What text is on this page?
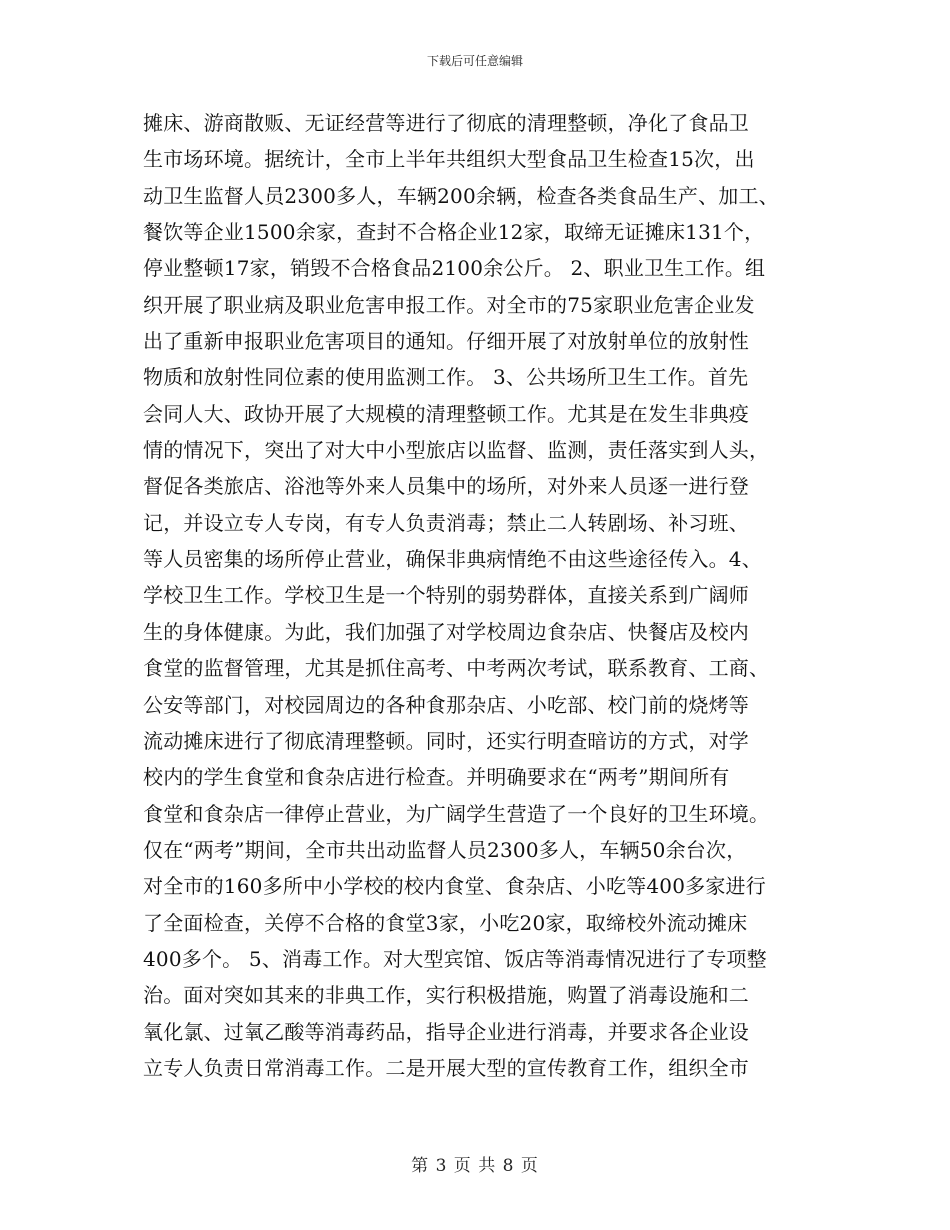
下载后可任意编辑
摊床、游商散贩、无证经营等进行了彻底的清理整顿，净化了食品卫
生市场环境。据统计，全市上半年共组织大型食品卫生检查15次，出
动卫生监督人员2300多人，车辆200余辆，检查各类食品生产、加工、
餐饮等企业1500余家，查封不合格企业12家，取缔无证摊床131个，
停业整顿17家，销毁不合格食品2100余公斤。 2、职业卫生工作。组
织开展了职业病及职业危害申报工作。对全市的75家职业危害企业发
出了重新申报职业危害项目的通知。仔细开展了对放射单位的放射性
物质和放射性同位素的使用监测工作。 3、公共场所卫生工作。首先
会同人大、政协开展了大规模的清理整顿工作。尤其是在发生非典疫
情的情况下，突出了对大中小型旅店以监督、监测，责任落实到人头，
督促各类旅店、浴池等外来人员集中的场所，对外来人员逐一进行登
记，并设立专人专岗，有专人负责消毒；禁止二人转剧场、补习班、
等人员密集的场所停止营业，确保非典病情绝不由这些途径传入。4、
学校卫生工作。学校卫生是一个特别的弱势群体，直接关系到广阔师
生的身体健康。为此，我们加强了对学校周边食杂店、快餐店及校内
食堂的监督管理，尤其是抓住高考、中考两次考试，联系教育、工商、
公安等部门，对校园周边的各种食那杂店、小吃部、校门前的烧烤等
流动摊床进行了彻底清理整顿。同时，还实行明查暗访的方式，对学
校内的学生食堂和食杂店进行检查。并明确要求在“两考”期间所有
食堂和食杂店一律停止营业，为广阔学生营造了一个良好的卫生环境。
仅在“两考”期间，全市共出动监督人员2300多人，车辆50余台次，
对全市的160多所中小学校的校内食堂、食杂店、小吃等400多家进行
了全面检查，关停不合格的食堂3家，小吃20家，取缔校外流动摊床
400多个。 5、消毒工作。对大型宾馆、饭店等消毒情况进行了专项整
治。面对突如其来的非典工作，实行积极措施，购置了消毒设施和二
氧化氯、过氧乙酸等消毒药品，指导企业进行消毒，并要求各企业设
立专人负责日常消毒工作。二是开展大型的宣传教育工作，组织全市
第 3 页 共 8 页
